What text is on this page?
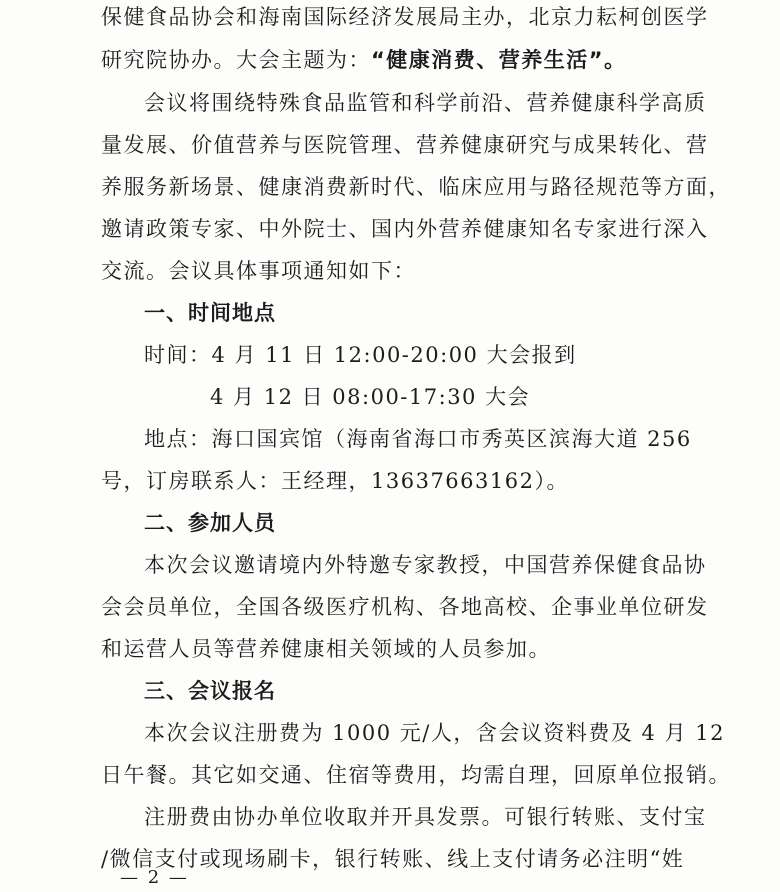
保健食品协会和海南国际经济发展局主办，北京力耘柯创医学
研究院协办。大会主题为：“健康消费、营养生活”。
会议将围绕特殊食品监管和科学前沿、营养健康科学高质
量发展、价值营养与医院管理、营养健康研究与成果转化、营
养服务新场景、健康消费新时代、临床应用与路径规范等方面，
邀请政策专家、中外院士、国内外营养健康知名专家进行深入
交流。会议具体事项通知如下：
一、时间地点
时间：4 月 11 日 12:00-20:00 大会报到
4 月 12 日 08:00-17:30 大会
地点：海口国宾馆（海南省海口市秀英区滨海大道 256
号，订房联系人：王经理，13637663162）。
二、参加人员
本次会议邀请境内外特邀专家教授，中国营养保健食品协
会会员单位，全国各级医疗机构、各地高校、企事业单位研发
和运营人员等营养健康相关领域的人员参加。
三、会议报名
本次会议注册费为 1000 元/人，含会议资料费及 4 月 12
日午餐。其它如交通、住宿等费用，均需自理，回原单位报销。
注册费由协办单位收取并开具发票。可银行转账、支付宝
/微信支付或现场刷卡，银行转账、线上支付请务必注明“姓
— 2 —
